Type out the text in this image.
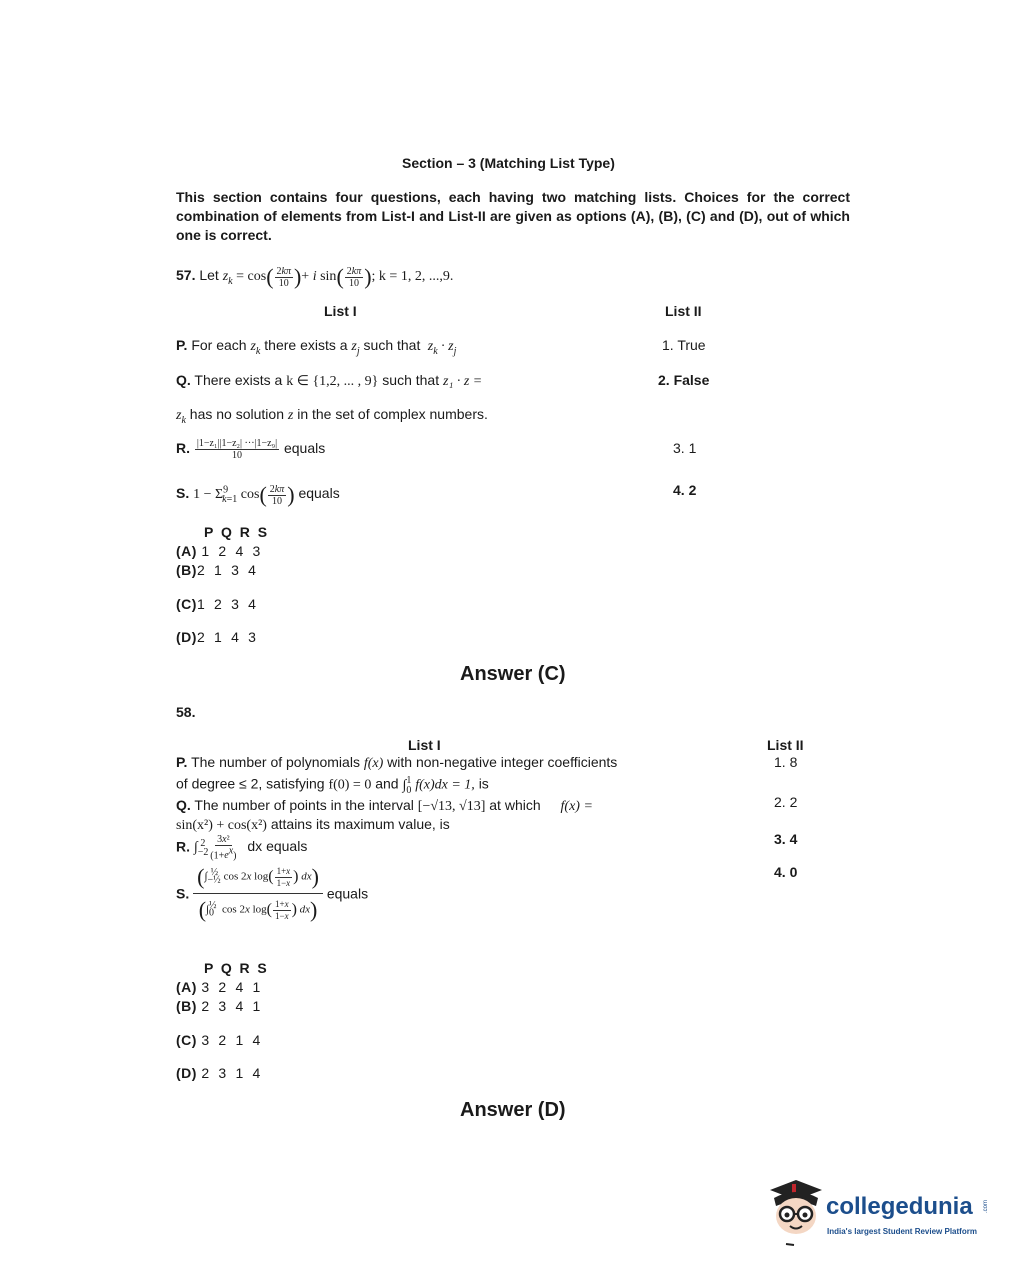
Section – 3 (Matching List Type)
This section contains four questions, each having two matching lists. Choices for the correct combination of elements from List-I and List-II are given as options (A), (B), (C) and (D), out of which one is correct.
57. Let $z_k = \cos( \frac{2k\pi}{10}$ )+ i $\sin( \frac{2k\pi}{10}$ ); k = 1, 2, ...,9.
List I	List II
P. For each $z_k$ there exists a $z_j$ such that  $z_k \cdot z_j$
Q. There exists a k ∈ {1,2, ... , 9} such that z₁ · z =
$z_k$ has no solution z in the set of complex numbers.
R. $\frac{\text{|1−z₁||1−z₂| ···|1−z₉|}}{10}$ equals
S. $1 - \Sigma^9_{k=1}$ $\cos( \frac{2k\pi}{10}$ ) equals
1. True
2. False
3. 1
4. 2
P Q R S
(A) 1  2  4  3
(B)2  1  3  4
(C)1  2  3  4
(D)2  1  4  3
Answer (C)
58.
List I	List II
P. The number of polynomials f(x) with non-negative integer coefficients
of degree ≤ 2, satisfying f(0) = 0 and $\int_0^1$ f(x)dx = 1, is
Q. The number of points in the interval [−√13, √13] at which f(x) =
sin(x²) + cos(x²) attains its maximum value, is
R. $\int_{-2}^2 \frac{\text{3x²}}{(1+e^x)}$ dx equals
S. $\frac{(\int_{-\frac{1}{2}}^{\frac{1}{2}} \cos 2x \log( \frac{1+x}{1-x} ) dx)}{(\int_0^{\frac{1}{2}} \cos 2x \log( \frac{1+x}{1-x} ) dx)}$ equals
1. 8
2. 2
3. 4
4. 0
P  Q  R  S
(A) 3  2  4  1
(B) 2  3  4  1
(C) 3  2  1  4
(D) 2  3  1  4
Answer (D)
collegedunia .com
India's largest Student Review Platform
